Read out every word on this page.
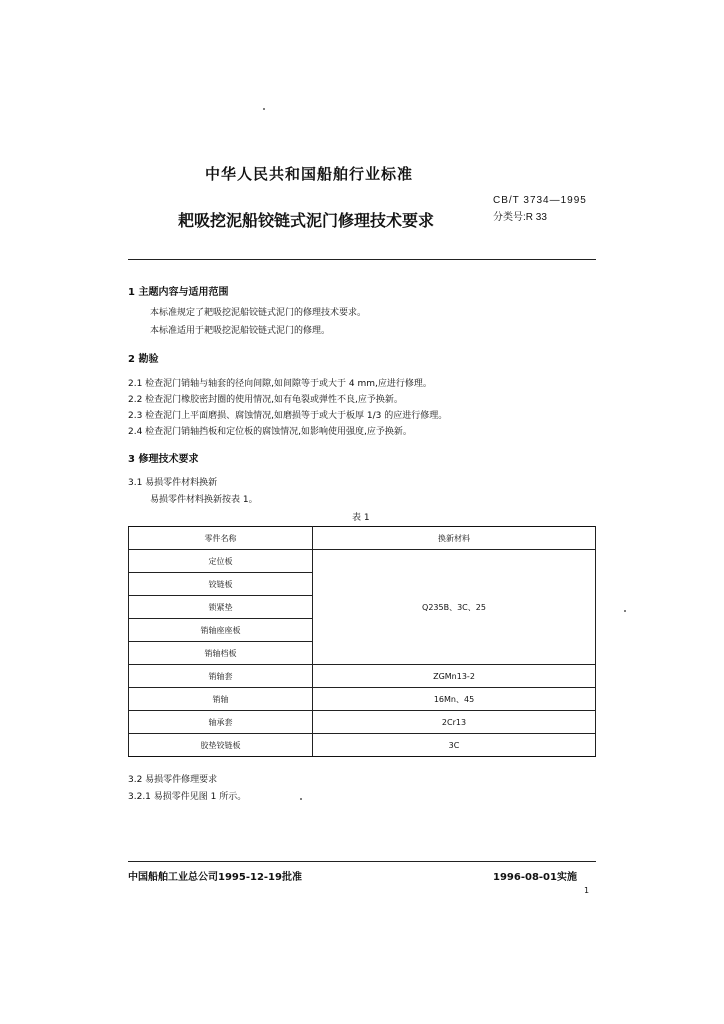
中华人民共和国船舶行业标准
耙吸挖泥船铰链式泥门修理技术要求
CB/T 3734—1995
分类号:R 33
1 主题内容与适用范围
本标准规定了耙吸挖泥船铰链式泥门的修理技术要求。
本标准适用于耙吸挖泥船铰链式泥门的修理。
2 勘验
2.1 检查泥门销轴与轴套的径向间隙,如间隙等于或大于 4 mm,应进行修理。
2.2 检查泥门橡胶密封圈的使用情况,如有龟裂或弹性不良,应予换新。
2.3 检查泥门上平面磨损、腐蚀情况,如磨损等于或大于板厚 1/3 的应进行修理。
2.4 检查泥门销轴挡板和定位板的腐蚀情况,如影响使用强度,应予换新。
3 修理技术要求
3.1 易损零件材料换新
易损零件材料换新按表 1。
表 1
零件名称	换新材料
定位板	Q235B、3C、25
铰链板	
锁紧垫	
销轴座座板	
销轴档板	
销轴套	ZGMn13-2
销轴	16Mn、45
轴承套	2Cr13
胶垫铰链板	3C
3.2 易损零件修理要求
3.2.1 易损零件见图 1 所示。
中国船舶工业总公司1995-12-19批准	1996-08-01实施
1
